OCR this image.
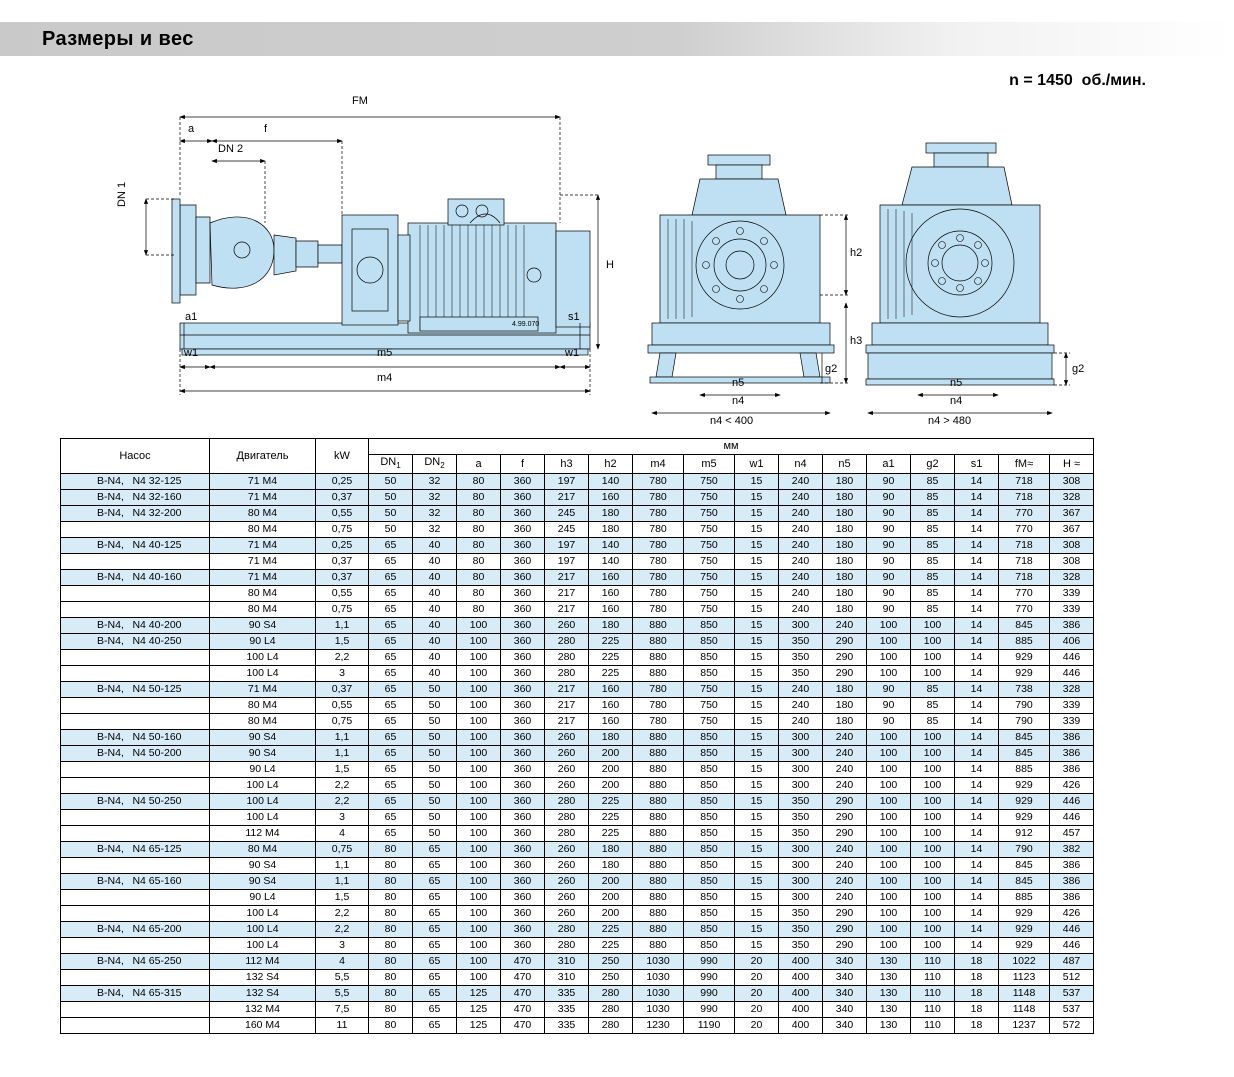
Размеры и вес
n = 1450 об./мин.
FM
a	f
DN 2
DN 1
H
a1	s1
w1	m5	w1
m4
4.99.070
h2
h3
g2
n5
n4
n4 < 400
g2
n5
n4
n4 > 480
Насос	Двигатель	kW	мм															
			$DN_1$	$DN_2$	a	f	h3	h2	m4	m5	w1	n4	n5	a1	g2	s1	fM≈	H ≈
B-N4, N4 32-125	71 M4	0,25	50	32	80	360	197	140	780	750	15	240	180	90	85	14	718	308
B-N4, N4 32-160	71 M4	0,37	50	32	80	360	217	160	780	750	15	240	180	90	85	14	718	328
B-N4, N4 32-200	80 M4	0,55	50	32	80	360	245	180	780	750	15	240	180	90	85	14	770	367
	80 M4	0,75	50	32	80	360	245	180	780	750	15	240	180	90	85	14	770	367
B-N4, N4 40-125	71 M4	0,25	65	40	80	360	197	140	780	750	15	240	180	90	85	14	718	308
	71 M4	0,37	65	40	80	360	197	140	780	750	15	240	180	90	85	14	718	308
B-N4, N4 40-160	71 M4	0,37	65	40	80	360	217	160	780	750	15	240	180	90	85	14	718	328
	80 M4	0,55	65	40	80	360	217	160	780	750	15	240	180	90	85	14	770	339
	80 M4	0,75	65	40	80	360	217	160	780	750	15	240	180	90	85	14	770	339
B-N4, N4 40-200	90 S4	1,1	65	40	100	360	260	180	880	850	15	300	240	100	100	14	845	386
B-N4, N4 40-250	90 L4	1,5	65	40	100	360	280	225	880	850	15	350	290	100	100	14	885	406
	100 L4	2,2	65	40	100	360	280	225	880	850	15	350	290	100	100	14	929	446
	100 L4	3	65	40	100	360	280	225	880	850	15	350	290	100	100	14	929	446
B-N4, N4 50-125	71 M4	0,37	65	50	100	360	217	160	780	750	15	240	180	90	85	14	738	328
	80 M4	0,55	65	50	100	360	217	160	780	750	15	240	180	90	85	14	790	339
	80 M4	0,75	65	50	100	360	217	160	780	750	15	240	180	90	85	14	790	339
B-N4, N4 50-160	90 S4	1,1	65	50	100	360	260	180	880	850	15	300	240	100	100	14	845	386
B-N4, N4 50-200	90 S4	1,1	65	50	100	360	260	200	880	850	15	300	240	100	100	14	845	386
	90 L4	1,5	65	50	100	360	260	200	880	850	15	300	240	100	100	14	885	386
	100 L4	2,2	65	50	100	360	260	200	880	850	15	300	240	100	100	14	929	426
B-N4, N4 50-250	100 L4	2,2	65	50	100	360	280	225	880	850	15	350	290	100	100	14	929	446
	100 L4	3	65	50	100	360	280	225	880	850	15	350	290	100	100	14	929	446
	112 M4	4	65	50	100	360	280	225	880	850	15	350	290	100	100	14	912	457
B-N4, N4 65-125	80 M4	0,75	80	65	100	360	260	180	880	850	15	300	240	100	100	14	790	382
	90 S4	1,1	80	65	100	360	260	180	880	850	15	300	240	100	100	14	845	386
B-N4, N4 65-160	90 S4	1,1	80	65	100	360	260	200	880	850	15	300	240	100	100	14	845	386
	90 L4	1,5	80	65	100	360	260	200	880	850	15	300	240	100	100	14	885	386
	100 L4	2,2	80	65	100	360	260	200	880	850	15	350	290	100	100	14	929	426
B-N4, N4 65-200	100 L4	2,2	80	65	100	360	280	225	880	850	15	350	290	100	100	14	929	446
	100 L4	3	80	65	100	360	280	225	880	850	15	350	290	100	100	14	929	446
B-N4, N4 65-250	112 M4	4	80	65	100	470	310	250	1030	990	20	400	340	130	110	18	1022	487
	132 S4	5,5	80	65	100	470	310	250	1030	990	20	400	340	130	110	18	1123	512
B-N4, N4 65-315	132 S4	5,5	80	65	125	470	335	280	1030	990	20	400	340	130	110	18	1148	537
	132 M4	7,5	80	65	125	470	335	280	1030	990	20	400	340	130	110	18	1148	537
	160 M4	11	80	65	125	470	335	280	1230	1190	20	400	340	130	110	18	1237	572
